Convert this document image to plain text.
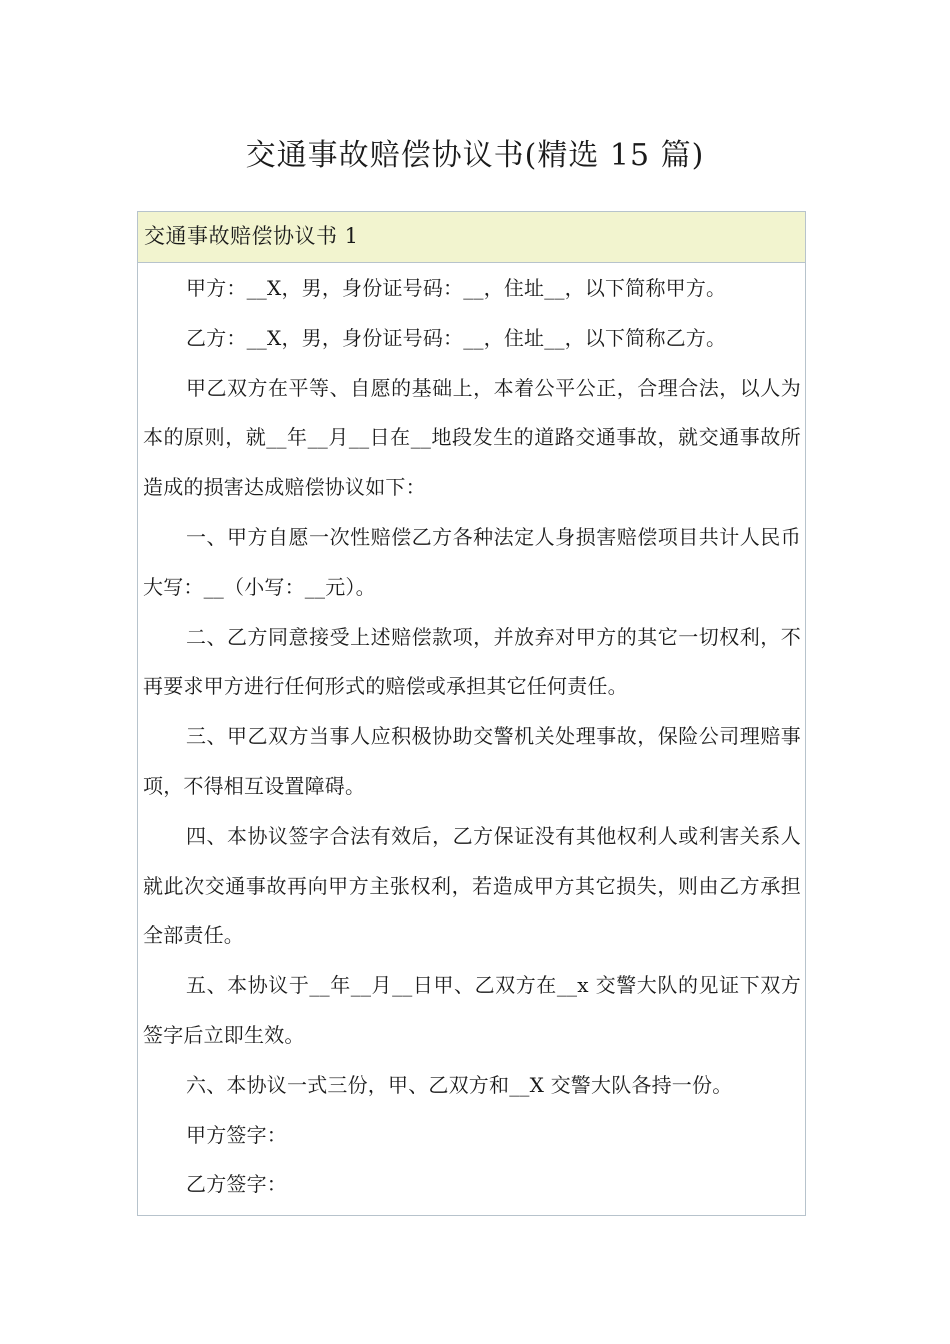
交通事故赔偿协议书(精选 15 篇)
交通事故赔偿协议书 1

甲方：__X，男，身份证号码：__，住址__，以下简称甲方。

乙方：__X，男，身份证号码：__，住址__，以下简称乙方。

甲乙双方在平等、自愿的基础上，本着公平公正，合理合法，以人为本的原则，就__年__月__日在__地段发生的道路交通事故，就交通事故所造成的损害达成赔偿协议如下：

一、甲方自愿一次性赔偿乙方各种法定人身损害赔偿项目共计人民币大写：__（小写：__元）。

二、乙方同意接受上述赔偿款项，并放弃对甲方的其它一切权利，不再要求甲方进行任何形式的赔偿或承担其它任何责任。

三、甲乙双方当事人应积极协助交警机关处理事故，保险公司理赔事项，不得相互设置障碍。

四、本协议签字合法有效后，乙方保证没有其他权利人或利害关系人就此次交通事故再向甲方主张权利，若造成甲方其它损失，则由乙方承担全部责任。

五、本协议于__年__月__日甲、乙双方在__x 交警大队的见证下双方签字后立即生效。

六、本协议一式三份，甲、乙双方和__X 交警大队各持一份。

甲方签字：

乙方签字：
